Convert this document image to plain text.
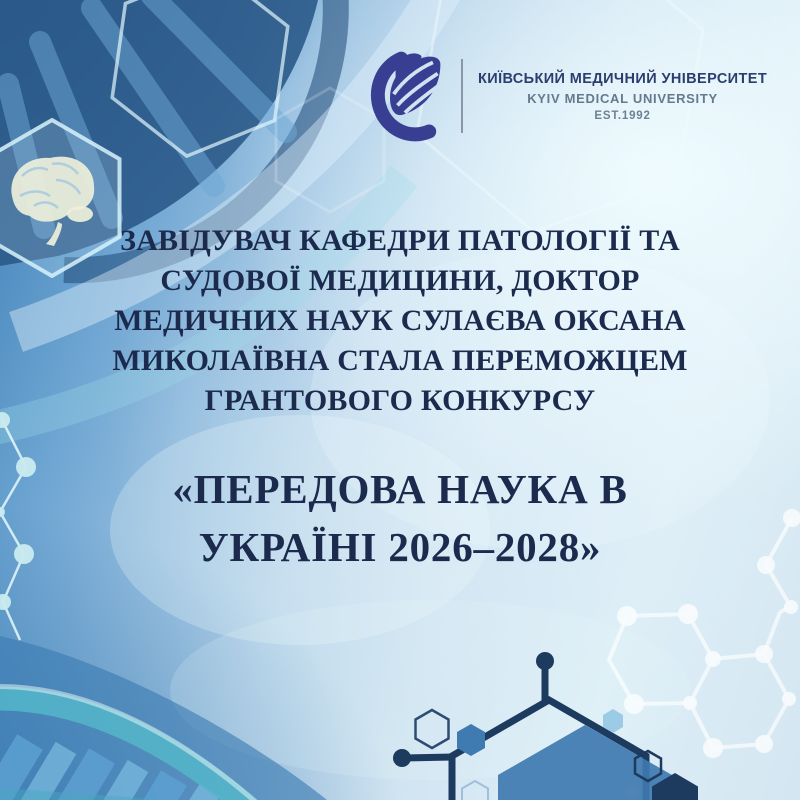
КИЇВСЬКИЙ МЕДИЧНИЙ УНІВЕРСИТЕТ
KYIV MEDICAL UNIVERSITY
EST.1992
ЗАВІДУВАЧ КАФЕДРИ ПАТОЛОГІЇ ТА
СУДОВОЇ МЕДИЦИНИ, ДОКТОР
МЕДИЧНИХ НАУК СУЛАЄВА ОКСАНА
МИКОЛАЇВНА СТАЛА ПЕРЕМОЖЦЕМ
ГРАНТОВОГО КОНКУРСУ
«ПЕРЕДОВА НАУКА В
УКРАЇНІ 2026–2028»
